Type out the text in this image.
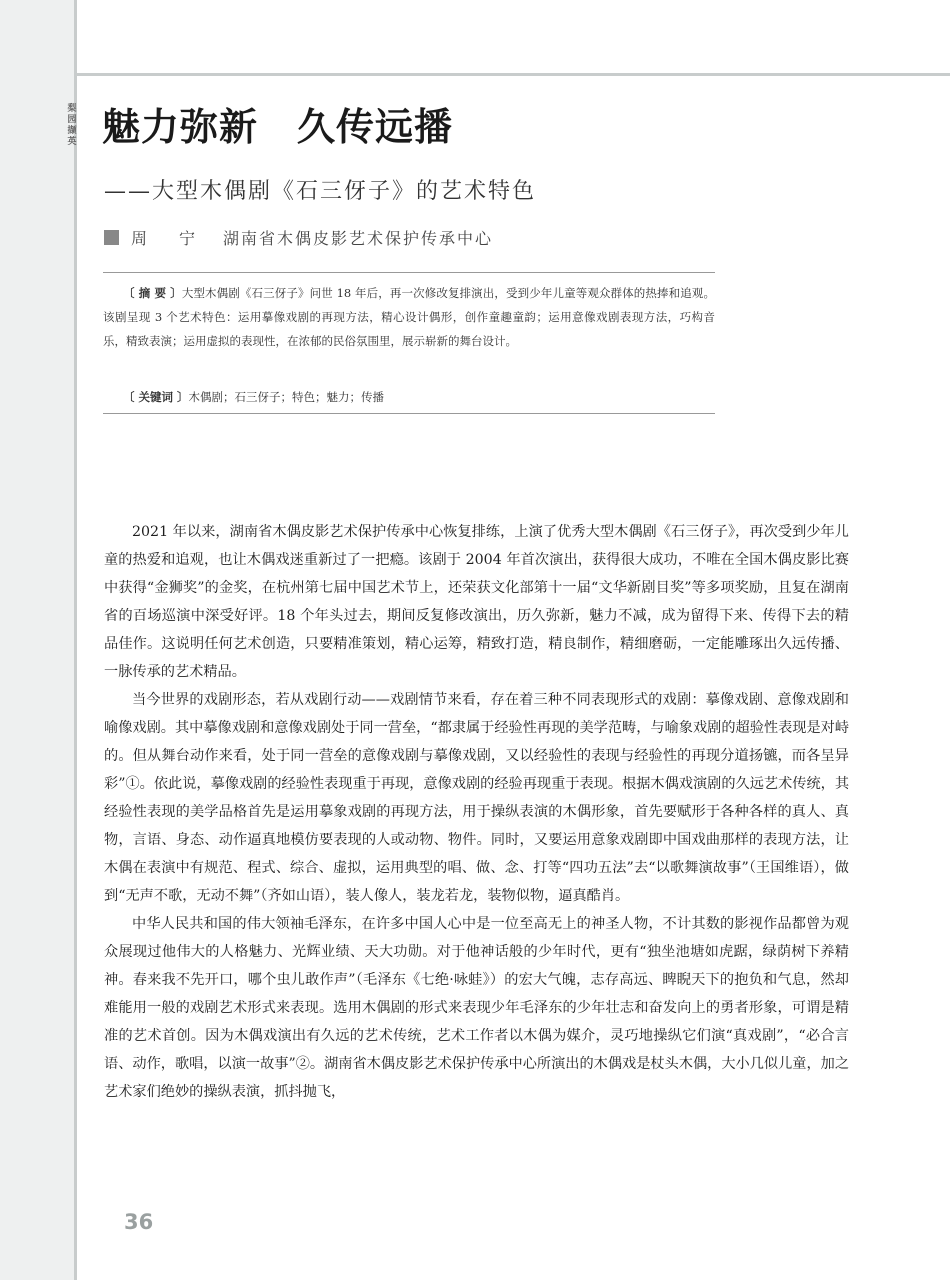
梨园撷英 魅力弥新　久传远播
——大型木偶剧《石三伢子》的艺术特色
周　宁 湖南省木偶皮影艺术保护传承中心

〔 摘 要 〕大型木偶剧《石三伢子》问世 18 年后，再一次修改复排演出，受到少年儿童等观众群体的热捧和追观。该剧呈现 3 个艺术特色：运用摹像戏剧的再现方法，精心设计偶形，创作童趣童韵；运用意像戏剧表现方法，巧构音乐，精致表演；运用虚拟的表现性，在浓郁的民俗氛围里，展示崭新的舞台设计。

〔 关键词 〕木偶剧；石三伢子；特色；魅力；传播

2021 年以来，湖南省木偶皮影艺术保护传承中心恢复排练，上演了优秀大型木偶剧《石三伢子》，再次受到少年儿童的热爱和追观，也让木偶戏迷重新过了一把瘾。该剧于 2004 年首次演出，获得很大成功，不唯在全国木偶皮影比赛中获得“金狮奖”的金奖，在杭州第七届中国艺术节上，还荣获文化部第十一届“文华新剧目奖”等多项奖励，且复在湖南省的百场巡演中深受好评。18 个年头过去，期间反复修改演出，历久弥新，魅力不减，成为留得下来、传得下去的精品佳作。这说明任何艺术创造，只要精准策划，精心运筹，精致打造，精良制作，精细磨砺，一定能雕琢出久远传播、一脉传承的艺术精品。

当今世界的戏剧形态，若从戏剧行动——戏剧情节来看，存在着三种不同表现形式的戏剧：摹像戏剧、意像戏剧和喻像戏剧。其中摹像戏剧和意像戏剧处于同一营垒，“都隶属于经验性再现的美学范畴，与喻象戏剧的超验性表现是对峙的。但从舞台动作来看，处于同一营垒的意像戏剧与摹像戏剧，又以经验性的表现与经验性的再现分道扬镳，而各呈异彩”①。依此说，摹像戏剧的经验性表现重于再现，意像戏剧的经验再现重于表现。根据木偶戏演剧的久远艺术传统，其经验性表现的美学品格首先是运用摹象戏剧的再现方法，用于操纵表演的木偶形象，首先要赋形于各种各样的真人、真物，言语、身态、动作逼真地模仿要表现的人或动物、物件。同时，又要运用意象戏剧即中国戏曲那样的表现方法，让木偶在表演中有规范、程式、综合、虚拟，运用典型的唱、做、念、打等“四功五法”去“以歌舞演故事”（王国维语），做到“无声不歌，无动不舞”（齐如山语），装人像人，装龙若龙，装物似物，逼真酷肖。

中华人民共和国的伟大领袖毛泽东，在许多中国人心中是一位至高无上的神圣人物，不计其数的影视作品都曾为观众展现过他伟大的人格魅力、光辉业绩、天大功勋。对于他神话般的少年时代，更有“独坐池塘如虎踞，绿荫树下养精神。春来我不先开口，哪个虫儿敢作声”（毛泽东《七绝·咏蛙》）的宏大气魄，志存高远、睥睨天下的抱负和气息，然却难能用一般的戏剧艺术形式来表现。选用木偶剧的形式来表现少年毛泽东的少年壮志和奋发向上的勇者形象，可谓是精准的艺术首创。因为木偶戏演出有久远的艺术传统，艺术工作者以木偶为媒介，灵巧地操纵它们演“真戏剧”，“必合言语、动作，歌唱，以演一故事”②。湖南省木偶皮影艺术保护传承中心所演出的木偶戏是杖头木偶，大小几似儿童，加之艺术家们绝妙的操纵表演，抓抖抛飞，

36
